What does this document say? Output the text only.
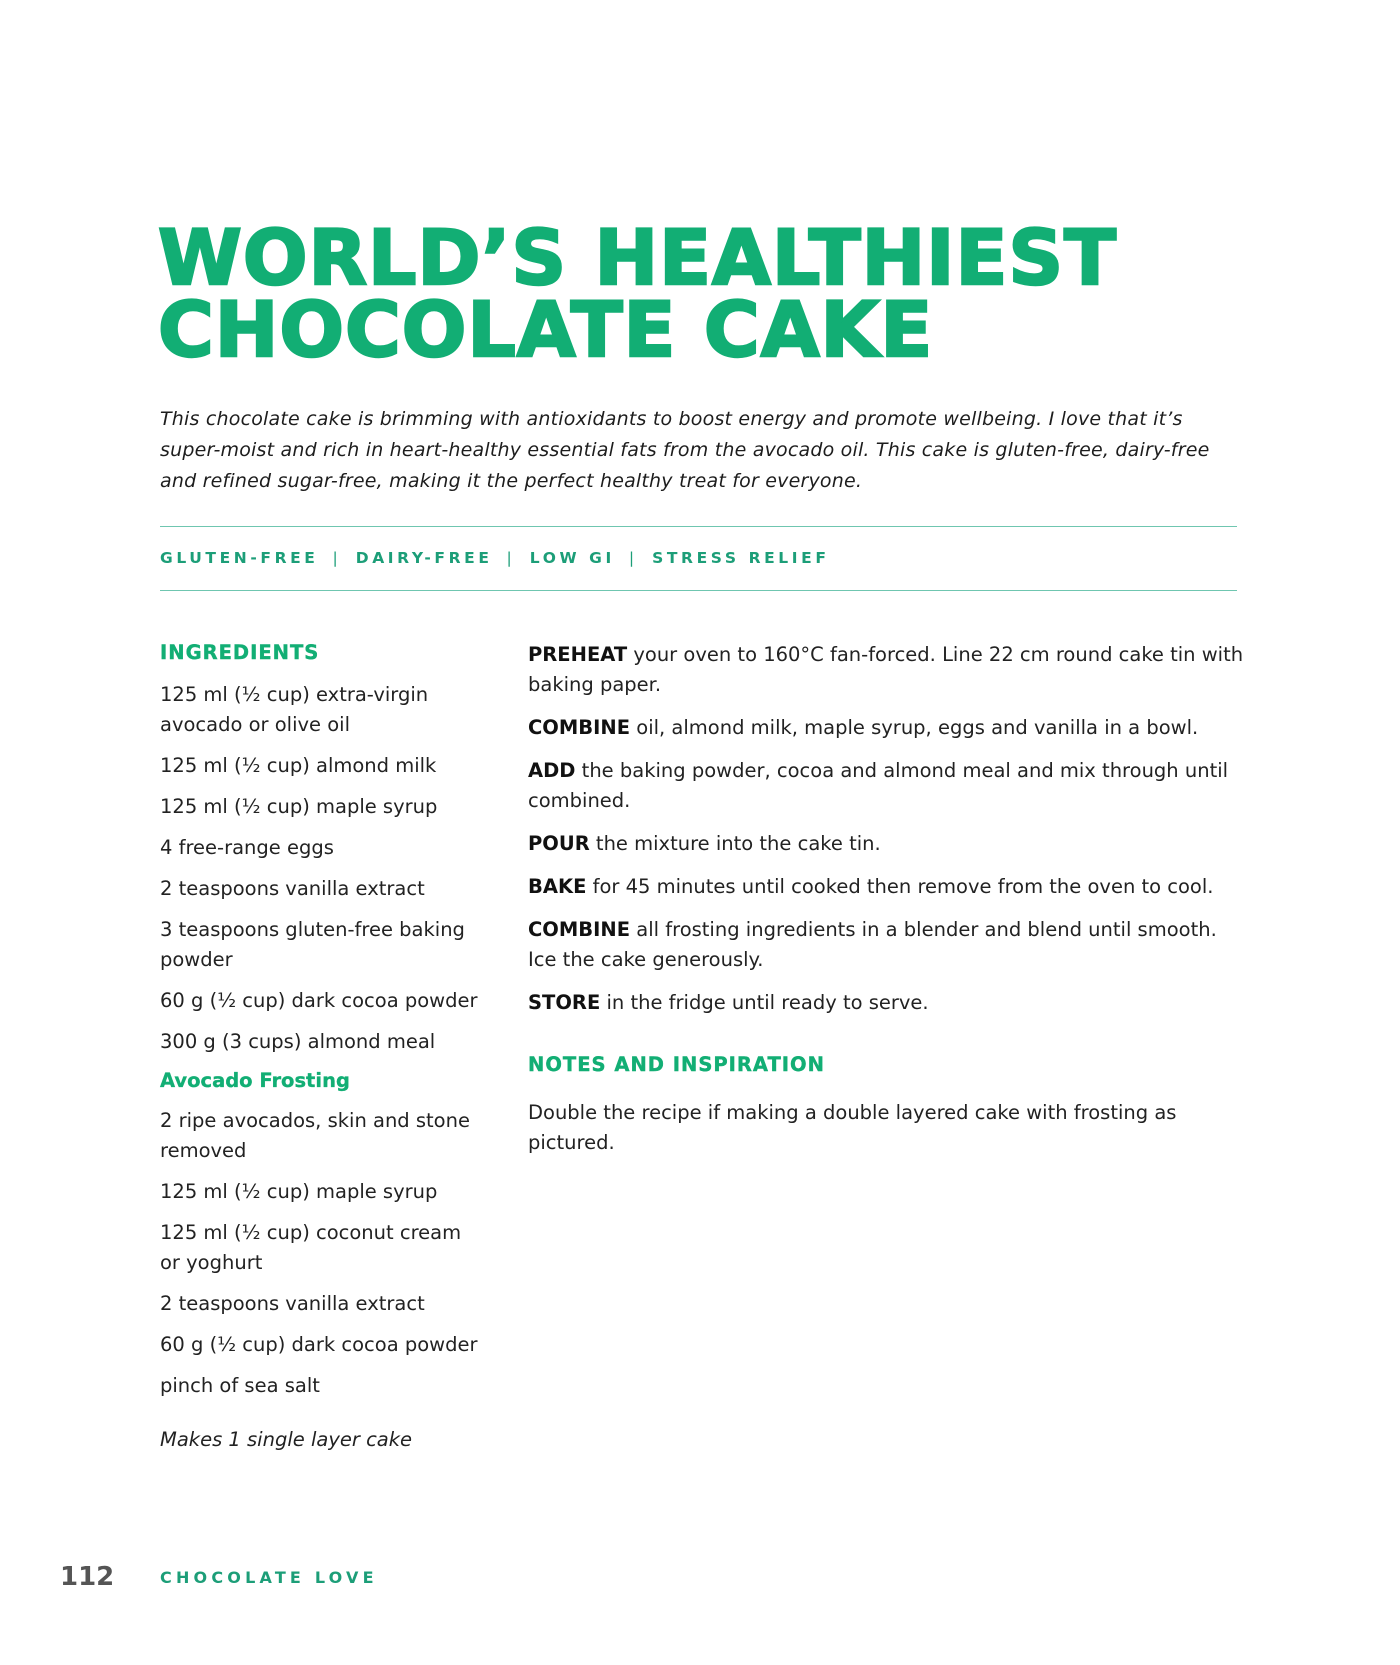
WORLD’S HEALTHIEST
CHOCOLATE CAKE

This chocolate cake is brimming with antioxidants to boost energy and promote wellbeing. I love that it’s super-moist and rich in heart-healthy essential fats from the avocado oil. This cake is gluten-free, dairy-free and refined sugar-free, making it the perfect healthy treat for everyone.

GLUTEN-FREE | DAIRY-FREE | LOW GI | STRESS RELIEF
INGREDIENTS
125 ml (½ cup) extra-virgin avocado or olive oil
125 ml (½ cup) almond milk
125 ml (½ cup) maple syrup
4 free-range eggs
2 teaspoons vanilla extract
3 teaspoons gluten-free baking powder
60 g (½ cup) dark cocoa powder
300 g (3 cups) almond meal
Avocado Frosting
2 ripe avocados, skin and stone removed
125 ml (½ cup) maple syrup
125 ml (½ cup) coconut cream or yoghurt
2 teaspoons vanilla extract
60 g (½ cup) dark cocoa powder
pinch of sea salt
Makes 1 single layer cake

PREHEAT your oven to 160°C fan-forced. Line 22 cm round cake tin with baking paper.

COMBINE oil, almond milk, maple syrup, eggs and vanilla in a bowl.

ADD the baking powder, cocoa and almond meal and mix through until combined.

POUR the mixture into the cake tin.

BAKE for 45 minutes until cooked then remove from the oven to cool.

COMBINE all frosting ingredients in a blender and blend until smooth. Ice the cake generously.

STORE in the fridge until ready to serve.

NOTES AND INSPIRATION

Double the recipe if making a double layered cake with frosting as pictured.

112	CHOCOLATE LOVE
